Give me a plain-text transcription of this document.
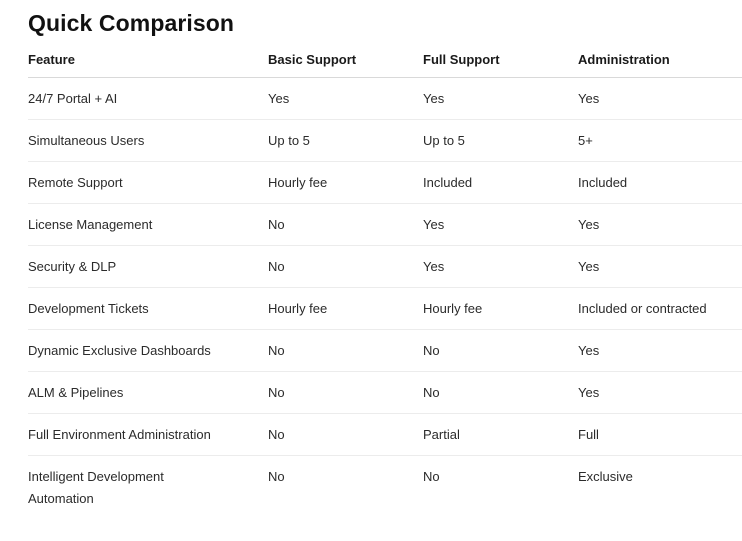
Quick Comparison
Feature	Basic Support	Full Support	Administration
24/7 Portal + AI	Yes	Yes	Yes
Simultaneous Users	Up to 5	Up to 5	5+
Remote Support	Hourly fee	Included	Included
License Management	No	Yes	Yes
Security & DLP	No	Yes	Yes
Development Tickets	Hourly fee	Hourly fee	Included or contracted
Dynamic Exclusive Dashboards	No	No	Yes
ALM & Pipelines	No	No	Yes
Full Environment Administration	No	Partial	Full
Intelligent Development Automation	No	No	Exclusive
